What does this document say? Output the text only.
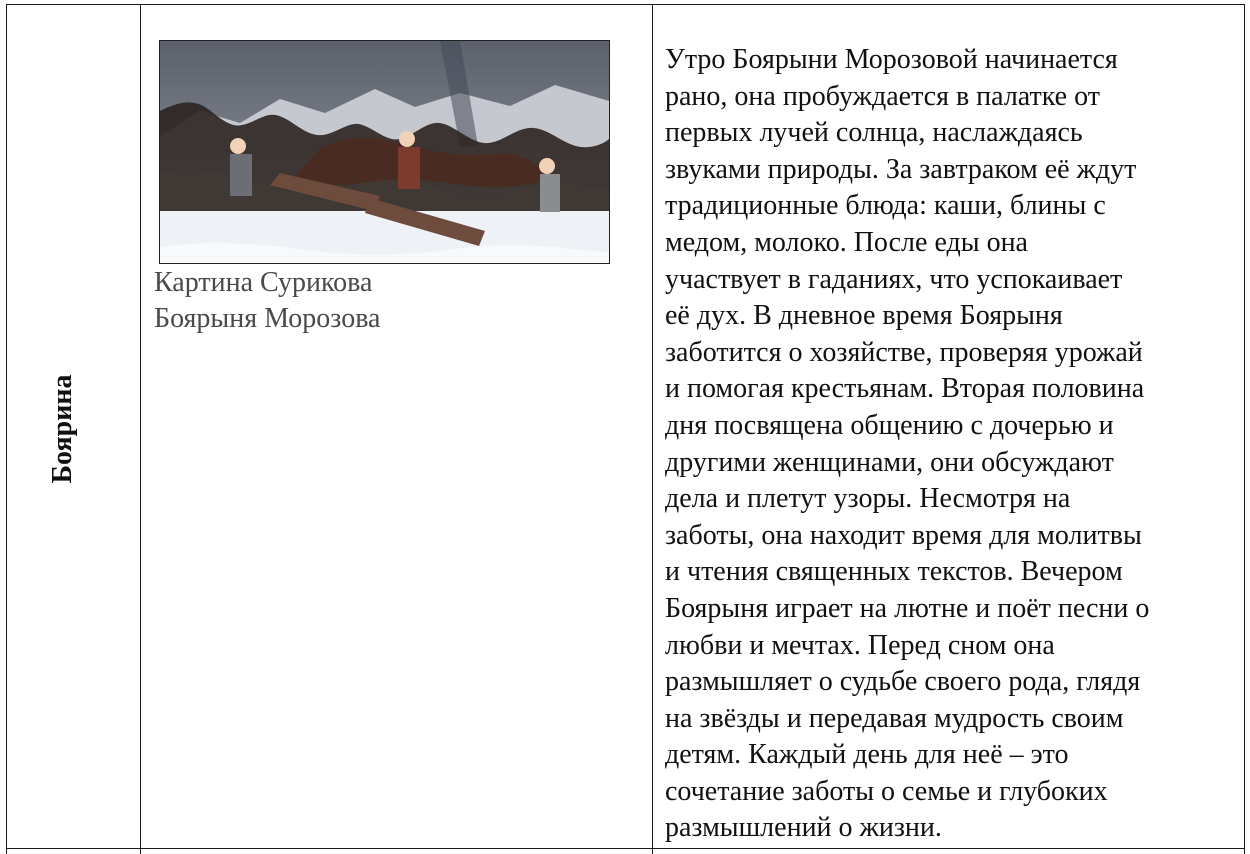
Боярина
Картина Сурикова
Боярыня Морозова
Утро Боярыни Морозовой начинается
рано, она пробуждается в палатке от
первых лучей солнца, наслаждаясь
звуками природы. За завтраком её ждут
традиционные блюда: каши, блины с
медом, молоко. После еды она
участвует в гаданиях, что успокаивает
её дух. В дневное время Боярыня
заботится о хозяйстве, проверяя урожай
и помогая крестьянам. Вторая половина
дня посвящена общению с дочерью и
другими женщинами, они обсуждают
дела и плетут узоры. Несмотря на
заботы, она находит время для молитвы
и чтения священных текстов. Вечером
Боярыня играет на лютне и поёт песни о
любви и мечтах. Перед сном она
размышляет о судьбе своего рода, глядя
на звёзды и передавая мудрость своим
детям. Каждый день для неё – это
сочетание заботы о семье и глубоких
размышлений о жизни.
